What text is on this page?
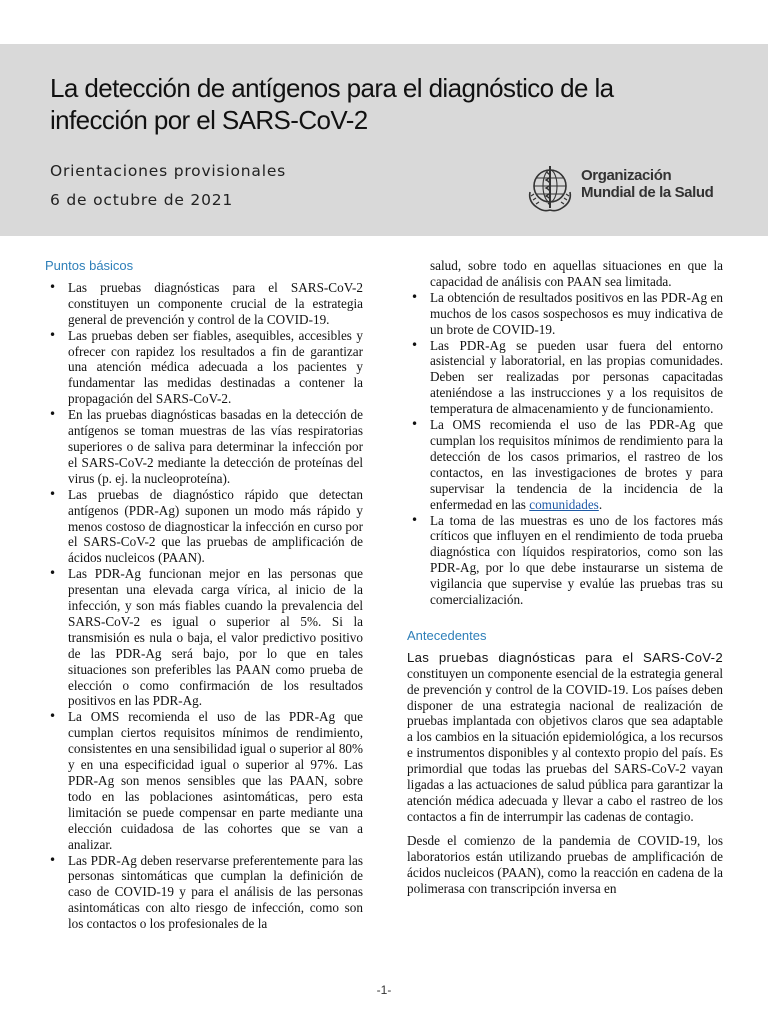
La detección de antígenos para el diagnóstico de la infección por el SARS-CoV-2
Orientaciones provisionales
6 de octubre de 2021
Organización
Mundial de la Salud
Puntos básicos
• Las pruebas diagnósticas para el SARS-CoV-2 constituyen un componente crucial de la estrategia general de prevención y control de la COVID-19.
• Las pruebas deben ser fiables, asequibles, accesibles y ofrecer con rapidez los resultados a fin de garantizar una atención médica adecuada a los pacientes y fundamentar las medidas destinadas a contener la propagación del SARS-CoV-2.
• En las pruebas diagnósticas basadas en la detección de antígenos se toman muestras de las vías respiratorias superiores o de saliva para determinar la infección por el SARS-CoV-2 mediante la detección de proteínas del virus (p. ej. la nucleoproteína).
• Las pruebas de diagnóstico rápido que detectan antígenos (PDR-Ag) suponen un modo más rápido y menos costoso de diagnosticar la infección en curso por el SARS-CoV-2 que las pruebas de amplificación de ácidos nucleicos (PAAN).
• Las PDR-Ag funcionan mejor en las personas que presentan una elevada carga vírica, al inicio de la infección, y son más fiables cuando la prevalencia del SARS-CoV-2 es igual o superior al 5%. Si la transmisión es nula o baja, el valor predictivo positivo de las PDR-Ag será bajo, por lo que en tales situaciones son preferibles las PAAN como prueba de elección o como confirmación de los resultados positivos en las PDR-Ag.
• La OMS recomienda el uso de las PDR-Ag que cumplan ciertos requisitos mínimos de rendimiento, consistentes en una sensibilidad igual o superior al 80% y en una especificidad igual o superior al 97%. Las PDR-Ag son menos sensibles que las PAAN, sobre todo en las poblaciones asintomáticas, pero esta limitación se puede compensar en parte mediante una elección cuidadosa de las cohortes que se van a analizar.
• Las PDR-Ag deben reservarse preferentemente para las personas sintomáticas que cumplan la definición de caso de COVID-19 y para el análisis de las personas asintomáticas con alto riesgo de infección, como son los contactos o los profesionales de la
salud, sobre todo en aquellas situaciones en que la capacidad de análisis con PAAN sea limitada.
• La obtención de resultados positivos en las PDR-Ag en muchos de los casos sospechosos es muy indicativa de un brote de COVID-19.
• Las PDR-Ag se pueden usar fuera del entorno asistencial y laboratorial, en las propias comunidades. Deben ser realizadas por personas capacitadas ateniéndose a las instrucciones y a los requisitos de temperatura de almacenamiento y de funcionamiento.
• La OMS recomienda el uso de las PDR-Ag que cumplan los requisitos mínimos de rendimiento para la detección de los casos primarios, el rastreo de los contactos, en las investigaciones de brotes y para supervisar la tendencia de la incidencia de la enfermedad en las comunidades.
• La toma de las muestras es uno de los factores más críticos que influyen en el rendimiento de toda prueba diagnóstica con líquidos respiratorios, como son las PDR-Ag, por lo que debe instaurarse un sistema de vigilancia que supervise y evalúe las pruebas tras su comercialización.
Antecedentes

Las pruebas diagnósticas para el SARS-CoV-2 constituyen un componente esencial de la estrategia general de prevención y control de la COVID-19. Los países deben disponer de una estrategia nacional de realización de pruebas implantada con objetivos claros que sea adaptable a los cambios en la situación epidemiológica, a los recursos e instrumentos disponibles y al contexto propio del país. Es primordial que todas las pruebas del SARS-CoV-2 vayan ligadas a las actuaciones de salud pública para garantizar la atención médica adecuada y llevar a cabo el rastreo de los contactos a fin de interrumpir las cadenas de contagio.

Desde el comienzo de la pandemia de COVID-19, los laboratorios están utilizando pruebas de amplificación de ácidos nucleicos (PAAN), como la reacción en cadena de la polimerasa con transcripción inversa en

-1-
